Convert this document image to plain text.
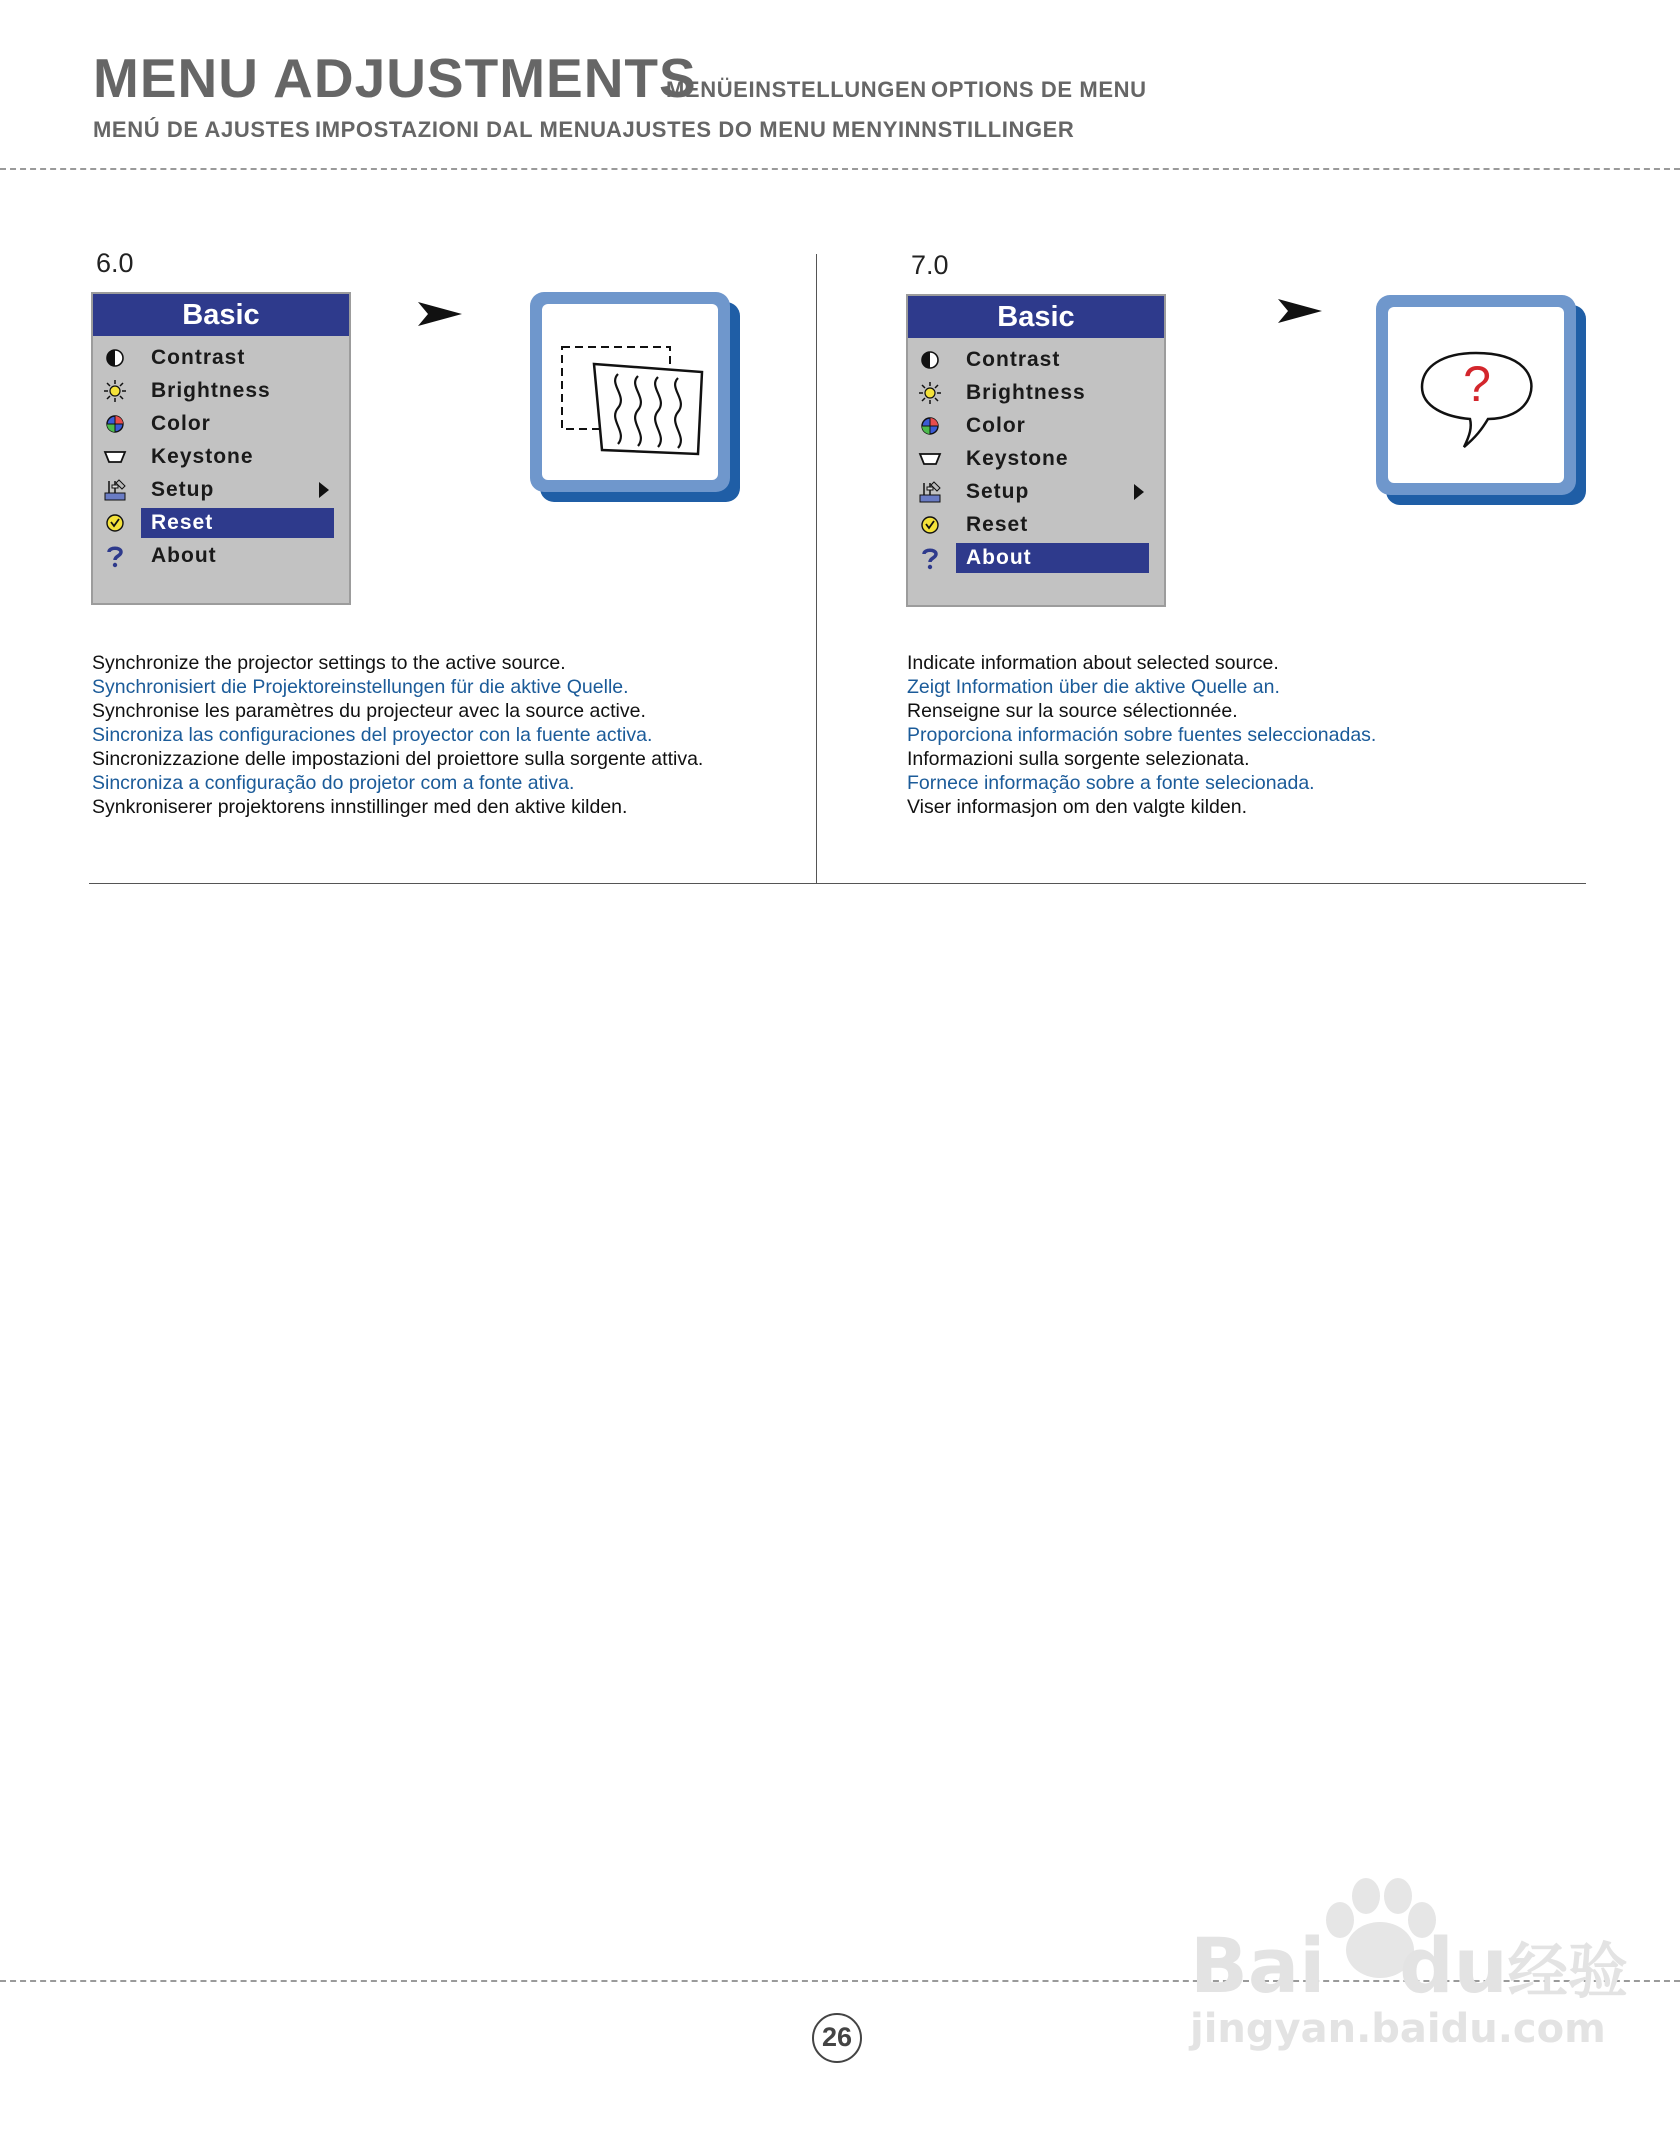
MENU ADJUSTMENTS
MENÜEINSTELLUNGEN OPTIONS DE MENU
MENÚ DE AJUSTES IMPOSTAZIONI DAL MENU AJUSTES DO MENU MENYINNSTILLINGER
6.0
Basic
Contrast
Brightness
Color
Keystone
Setup
Reset
About
Synchronize the projector settings to the active source.
Synchronisiert die Projektoreinstellungen für die aktive Quelle.
Synchronise les paramètres du projecteur avec la source active.
Sincroniza las configuraciones del proyector con la fuente activa.
Sincronizzazione delle impostazioni del proiettore sulla sorgente attiva.
Sincroniza a configuração do projetor com a fonte ativa.
Synkroniserer projektorens innstillinger med den aktive kilden.
7.0
Basic
Contrast
Brightness
Color
Keystone
Setup
Reset
About
?
Indicate information about selected source.
Zeigt Information über die aktive Quelle an.
Renseigne sur la source sélectionnée.
Proporciona información sobre fuentes seleccionadas.
Informazioni sulla sorgente selezionata.
Fornece informação sobre a fonte selecionada.
Viser informasjon om den valgte kilden.
26
Bai du经验
jingyan.baidu.com
